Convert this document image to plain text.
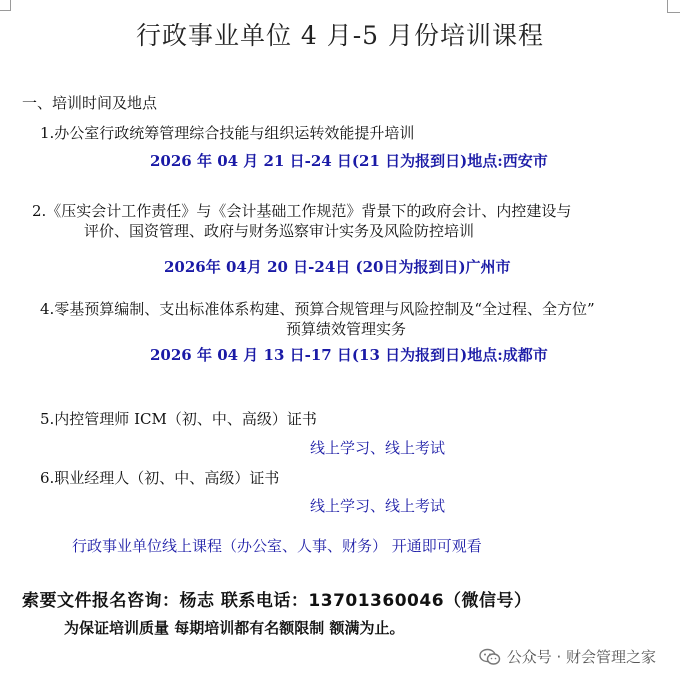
行政事业单位 4 月-5 月份培训课程
一、培训时间及地点
1.办公室行政统筹管理综合技能与组织运转效能提升培训
2026 年 04 月 21 日-24 日(21 日为报到日)地点:西安市
2.《压实会计工作责任》与《会计基础工作规范》背景下的政府会计、内控建设与
评价、国资管理、政府与财务巡察审计实务及风险防控培训
2026年 04月 20 日-24日 (20日为报到日)广州市
4.零基预算编制、支出标准体系构建、预算合规管理与风险控制及“全过程、全方位”
预算绩效管理实务
2026 年 04 月 13 日-17 日(13 日为报到日)地点:成都市
5.内控管理师 ICM（初、中、高级）证书
线上学习、线上考试
6.职业经理人（初、中、高级）证书
线上学习、线上考试
行政事业单位线上课程（办公室、人事、财务） 开通即可观看
索要文件报名咨询：杨志 联系电话：13701360046（微信号）
为保证培训质量 每期培训都有名额限制 额满为止。
公众号 · 财会管理之家
